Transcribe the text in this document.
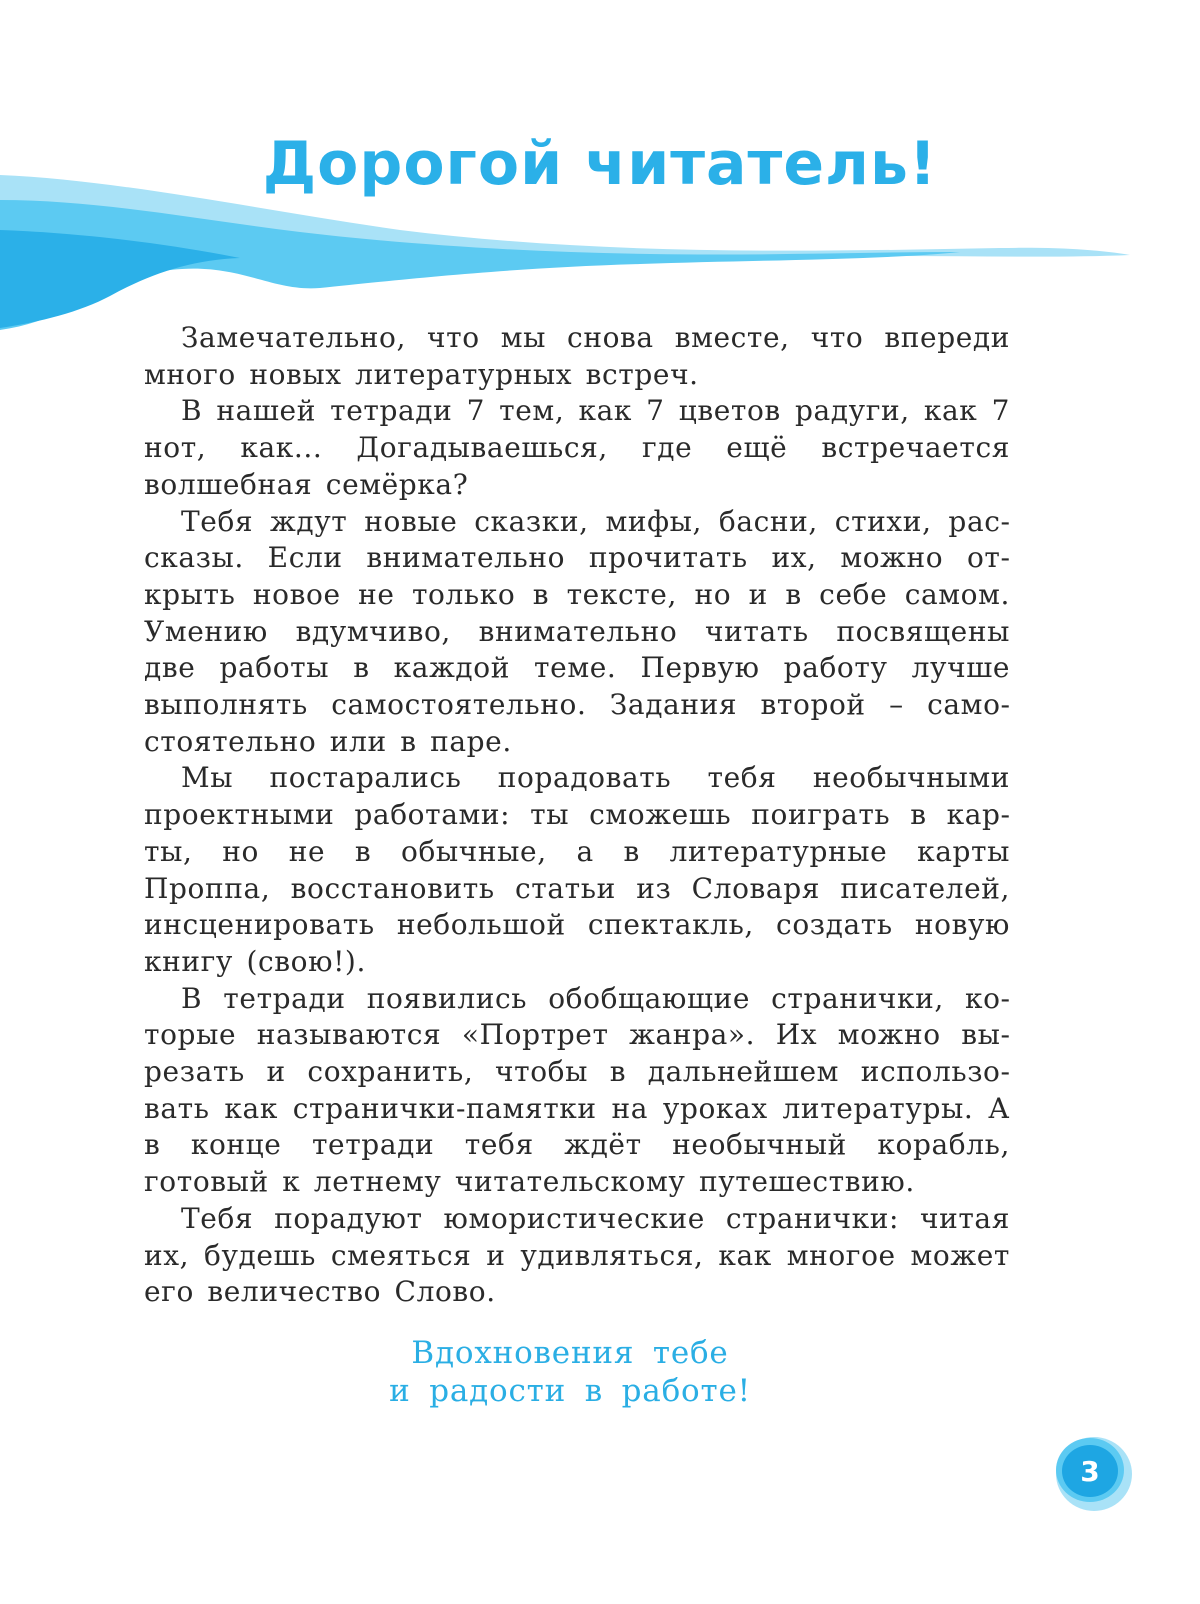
Дорогой читатель!

Замечательно, что мы снова вместе, что впереди много новых литературных встреч.

В нашей тетради 7 тем, как 7 цветов радуги, как 7 нот, как... Догадываешься, где ещё встречается волшебная семёрка?

Тебя ждут новые сказки, мифы, басни, стихи, рассказы. Если внимательно прочитать их, можно открыть новое не только в тексте, но и в себе самом. Умению вдумчиво, внимательно читать посвящены две работы в каждой теме. Первую работу лучше выполнять самостоятельно. Задания второй – самостоятельно или в паре.

Мы постарались порадовать тебя необычными проектными работами: ты сможешь поиграть в карты, но не в обычные, а в литературные карты Проппа, восстановить статьи из Словаря писателей, инсценировать небольшой спектакль, создать новую книгу (свою!).

В тетради появились обобщающие странички, которые называются «Портрет жанра». Их можно вырезать и сохранить, чтобы в дальнейшем использовать как странички-памятки на уроках литературы. А в конце тетради тебя ждёт необычный корабль, готовый к летнему читательскому путешествию.

Тебя порадуют юмористические странички: читая их, будешь смеяться и удивляться, как многое может его величество Слово.

Вдохновения тебе
и радости в работе!
3
